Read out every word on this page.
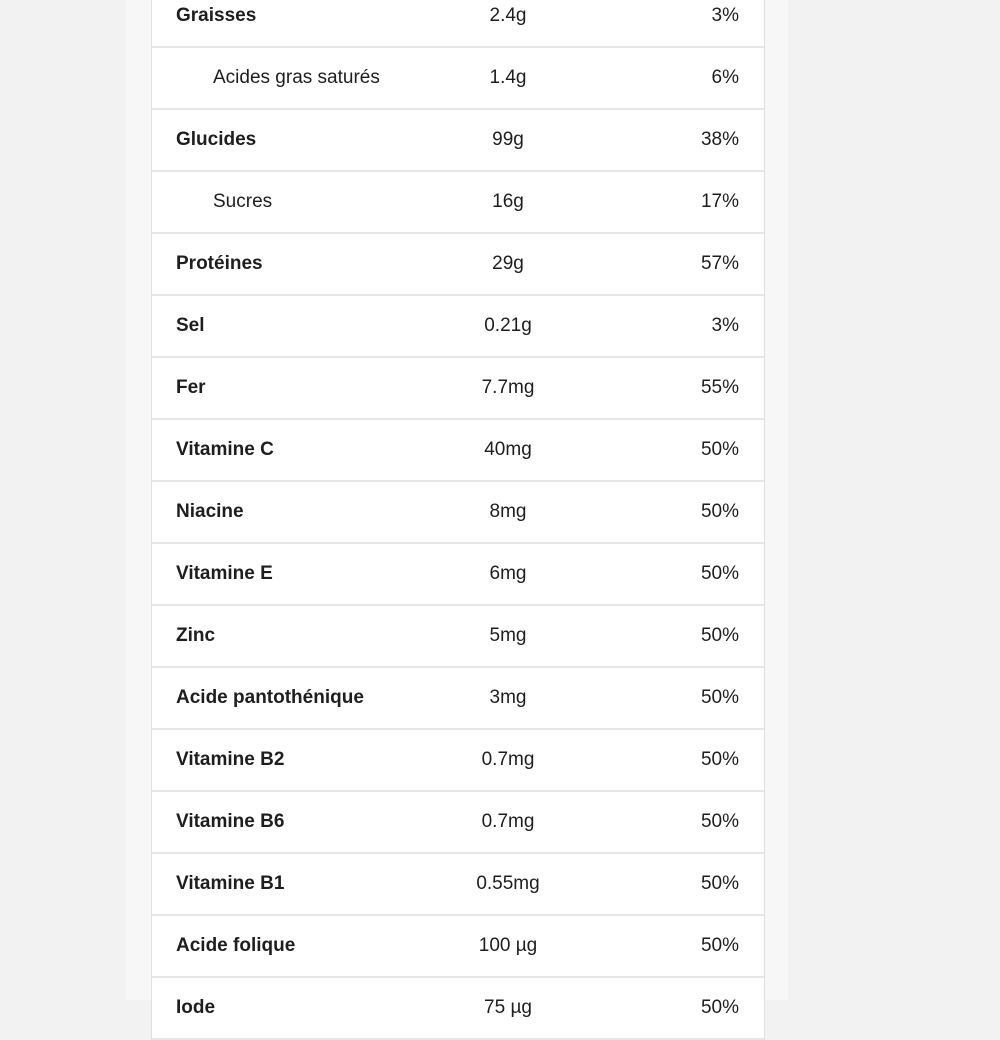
Graisses	2.4g	3%
Acides gras saturés	1.4g	6%
Glucides	99g	38%
Sucres	16g	17%
Protéines	29g	57%
Sel	0.21g	3%
Fer	7.7mg	55%
Vitamine C	40mg	50%
Niacine	8mg	50%
Vitamine E	6mg	50%
Zinc	5mg	50%
Acide pantothénique	3mg	50%
Vitamine B2	0.7mg	50%
Vitamine B6	0.7mg	50%
Vitamine B1	0.55mg	50%
Acide folique	100 µg	50%
Iode	75 µg	50%
